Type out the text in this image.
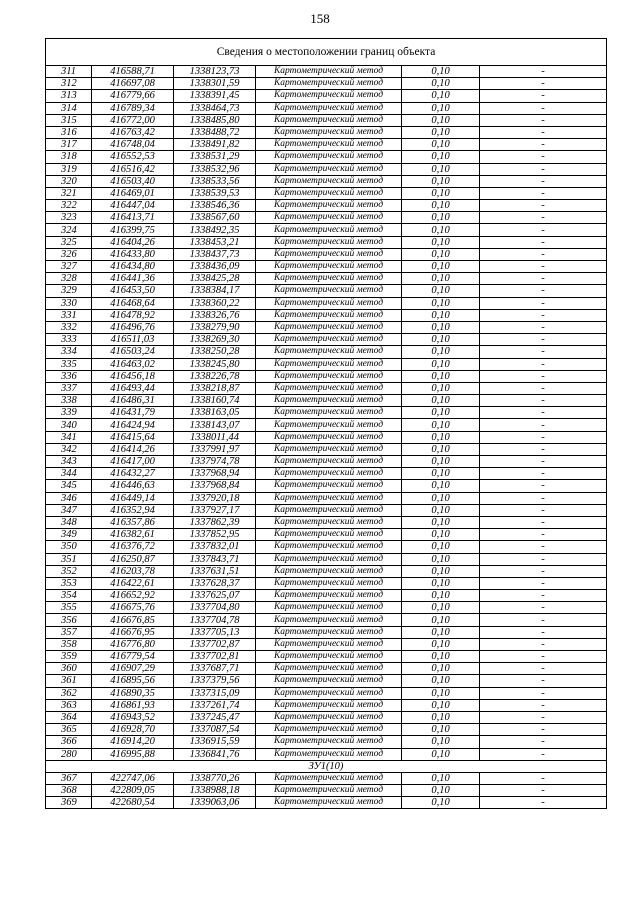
158
Сведения о местоположении границ объекта					
311	416588,71	1338123,73	Картометрический метод	0,10	-
312	416697,08	1338301,59	Картометрический метод	0,10	-
313	416779,66	1338391,45	Картометрический метод	0,10	-
314	416789,34	1338464,73	Картометрический метод	0,10	-
315	416772,00	1338485,80	Картометрический метод	0,10	-
316	416763,42	1338488,72	Картометрический метод	0,10	-
317	416748,04	1338491,82	Картометрический метод	0,10	-
318	416552,53	1338531,29	Картометрический метод	0,10	-
319	416516,42	1338532,96	Картометрический метод	0,10	-
320	416503,40	1338533,56	Картометрический метод	0,10	-
321	416469,01	1338539,53	Картометрический метод	0,10	-
322	416447,04	1338546,36	Картометрический метод	0,10	-
323	416413,71	1338567,60	Картометрический метод	0,10	-
324	416399,75	1338492,35	Картометрический метод	0,10	-
325	416404,26	1338453,21	Картометрический метод	0,10	-
326	416433,80	1338437,73	Картометрический метод	0,10	-
327	416434,80	1338436,09	Картометрический метод	0,10	-
328	416441,36	1338425,28	Картометрический метод	0,10	-
329	416453,50	1338384,17	Картометрический метод	0,10	-
330	416468,64	1338360,22	Картометрический метод	0,10	-
331	416478,92	1338326,76	Картометрический метод	0,10	-
332	416496,76	1338279,90	Картометрический метод	0,10	-
333	416511,03	1338269,30	Картометрический метод	0,10	-
334	416503,24	1338250,28	Картометрический метод	0,10	-
335	416463,02	1338245,80	Картометрический метод	0,10	-
336	416456,18	1338226,78	Картометрический метод	0,10	-
337	416493,44	1338218,87	Картометрический метод	0,10	-
338	416486,31	1338160,74	Картометрический метод	0,10	-
339	416431,79	1338163,05	Картометрический метод	0,10	-
340	416424,94	1338143,07	Картометрический метод	0,10	-
341	416415,64	1338011,44	Картометрический метод	0,10	-
342	416414,26	1337991,97	Картометрический метод	0,10	-
343	416417,00	1337974,78	Картометрический метод	0,10	-
344	416432,27	1337968,94	Картометрический метод	0,10	-
345	416446,63	1337968,84	Картометрический метод	0,10	-
346	416449,14	1337920,18	Картометрический метод	0,10	-
347	416352,94	1337927,17	Картометрический метод	0,10	-
348	416357,86	1337862,39	Картометрический метод	0,10	-
349	416382,61	1337852,95	Картометрический метод	0,10	-
350	416376,72	1337832,01	Картометрический метод	0,10	-
351	416250,87	1337843,71	Картометрический метод	0,10	-
352	416203,78	1337631,51	Картометрический метод	0,10	-
353	416422,61	1337628,37	Картометрический метод	0,10	-
354	416652,92	1337625,07	Картометрический метод	0,10	-
355	416675,76	1337704,80	Картометрический метод	0,10	-
356	416676,85	1337704,78	Картометрический метод	0,10	-
357	416676,95	1337705,13	Картометрический метод	0,10	-
358	416776,80	1337702,87	Картометрический метод	0,10	-
359	416779,54	1337702,81	Картометрический метод	0,10	-
360	416907,29	1337687,71	Картометрический метод	0,10	-
361	416895,56	1337379,56	Картометрический метод	0,10	-
362	416890,35	1337315,09	Картометрический метод	0,10	-
363	416861,93	1337261,74	Картометрический метод	0,10	-
364	416943,52	1337245,47	Картометрический метод	0,10	-
365	416928,70	1337087,54	Картометрический метод	0,10	-
366	416914,20	1336915,59	Картометрический метод	0,10	-
280	416995,88	1336841,76	Картометрический метод	0,10	-
ЗУ1(10)					
367	422747,06	1338770,26	Картометрический метод	0,10	-
368	422809,05	1338988,18	Картометрический метод	0,10	-
369	422680,54	1339063,06	Картометрический метод	0,10	-
